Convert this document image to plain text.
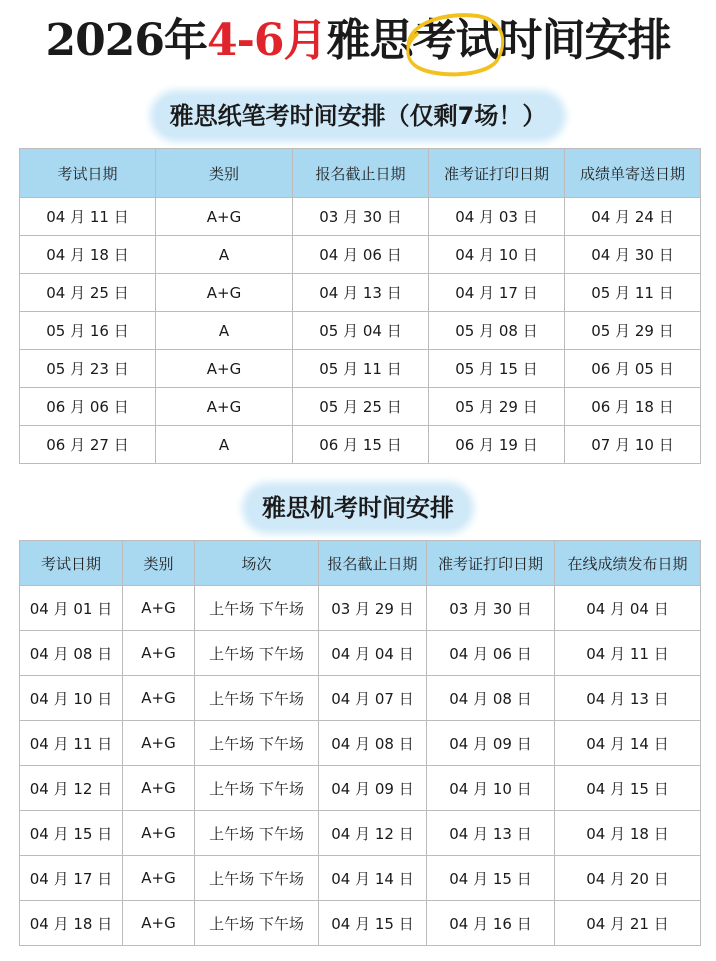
2026年4-6月雅思考试
时间安排
雅思纸笔考时间安排（仅剩7场！）
考试日期	类别	报名截止日期	准考证打印日期	成绩单寄送日期
04 月 11 日	A+G	03 月 30 日	04 月 03 日	04 月 24 日
04 月 18 日	A	04 月 06 日	04 月 10 日	04 月 30 日
04 月 25 日	A+G	04 月 13 日	04 月 17 日	05 月 11 日
05 月 16 日	A	05 月 04 日	05 月 08 日	05 月 29 日
05 月 23 日	A+G	05 月 11 日	05 月 15 日	06 月 05 日
06 月 06 日	A+G	05 月 25 日	05 月 29 日	06 月 18 日
06 月 27 日	A	06 月 15 日	06 月 19 日	07 月 10 日
雅思机考时间安排
考试日期	类别	场次	报名截止日期	准考证打印日期	在线成绩发布日期
04 月 01 日	A+G	上午场 下午场	03 月 29 日	03 月 30 日	04 月 04 日
04 月 08 日	A+G	上午场 下午场	04 月 04 日	04 月 06 日	04 月 11 日
04 月 10 日	A+G	上午场 下午场	04 月 07 日	04 月 08 日	04 月 13 日
04 月 11 日	A+G	上午场 下午场	04 月 08 日	04 月 09 日	04 月 14 日
04 月 12 日	A+G	上午场 下午场	04 月 09 日	04 月 10 日	04 月 15 日
04 月 15 日	A+G	上午场 下午场	04 月 12 日	04 月 13 日	04 月 18 日
04 月 17 日	A+G	上午场 下午场	04 月 14 日	04 月 15 日	04 月 20 日
04 月 18 日	A+G	上午场 下午场	04 月 15 日	04 月 16 日	04 月 21 日
